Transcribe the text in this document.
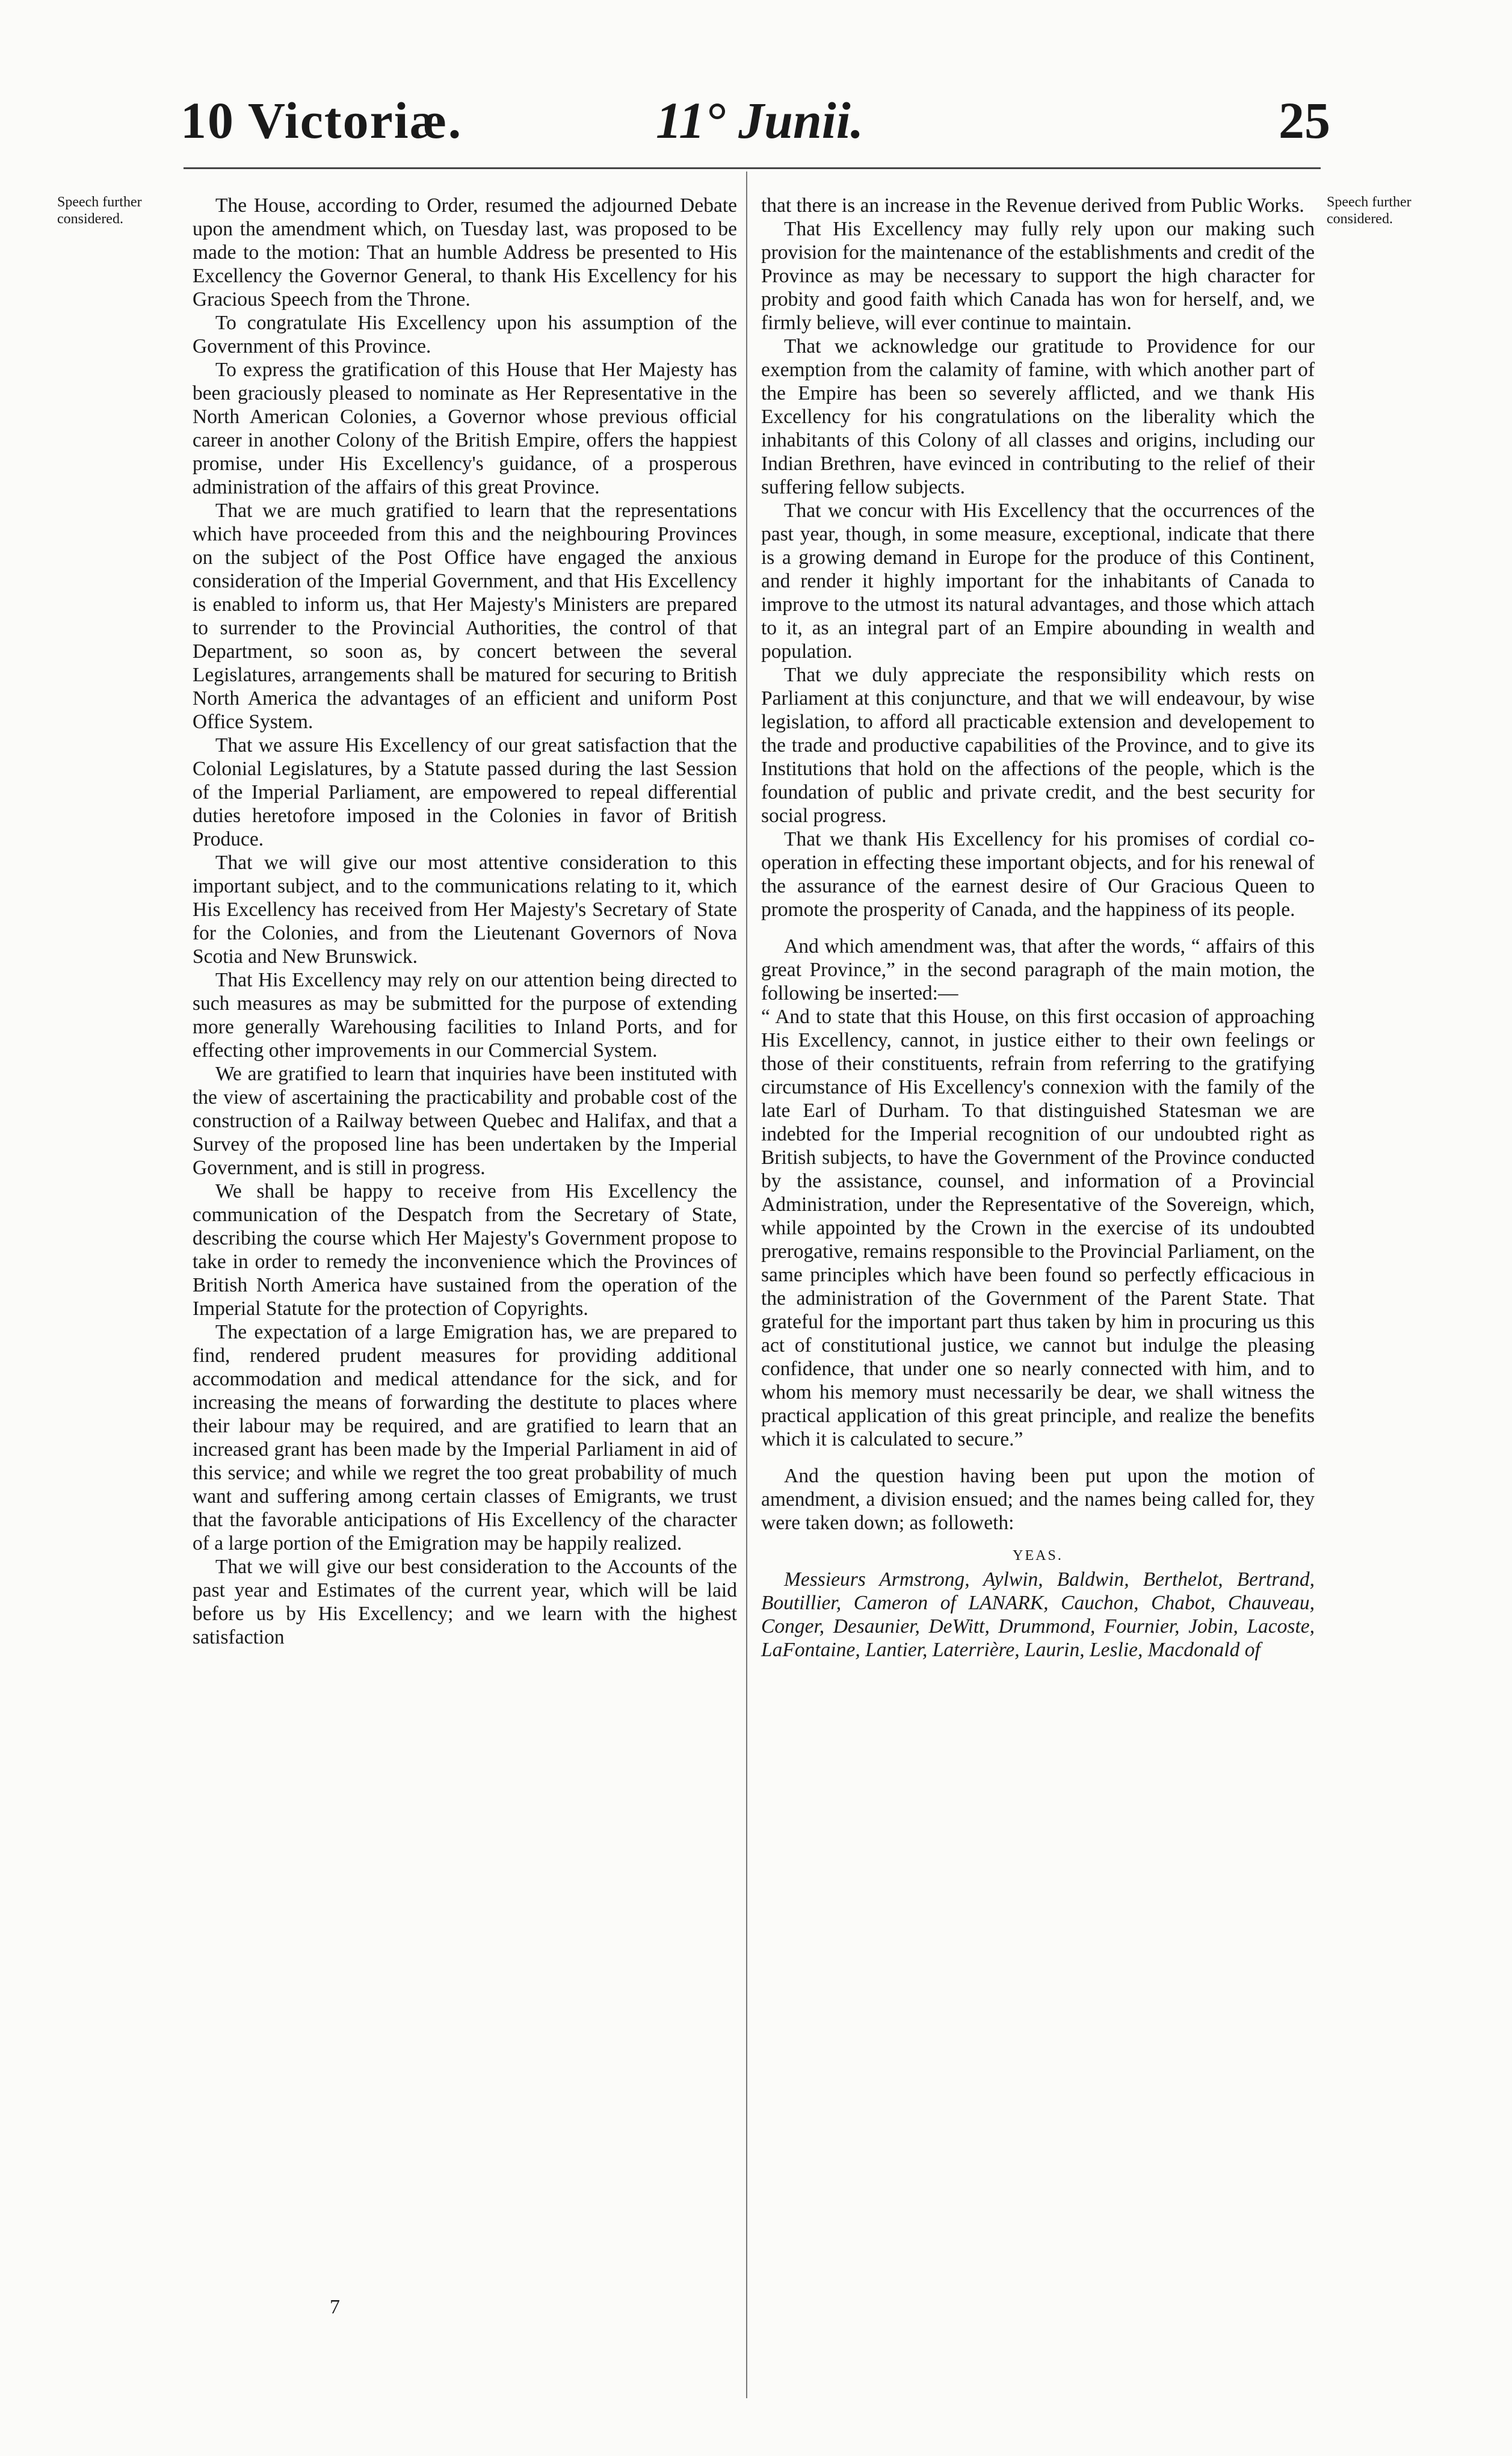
10 Victoriæ.	11° Junii.	25
Speech further considered.
Speech further considered.

The House, according to Order, resumed the adjourned Debate upon the amendment which, on Tuesday last, was proposed to be made to the motion: That an humble Address be presented to His Excellency the Governor General, to thank His Excellency for his Gracious Speech from the Throne.

To congratulate His Excellency upon his assumption of the Government of this Province.

To express the gratification of this House that Her Majesty has been graciously pleased to nominate as Her Representative in the North American Colonies, a Governor whose previous official career in another Colony of the British Empire, offers the happiest promise, under His Excellency's guidance, of a prosperous administration of the affairs of this great Province.

That we are much gratified to learn that the representations which have proceeded from this and the neighbouring Provinces on the subject of the Post Office have engaged the anxious consideration of the Imperial Government, and that His Excellency is enabled to inform us, that Her Majesty's Ministers are prepared to surrender to the Provincial Authorities, the control of that Department, so soon as, by concert between the several Legislatures, arrangements shall be matured for securing to British North America the advantages of an efficient and uniform Post Office System.

That we assure His Excellency of our great satisfaction that the Colonial Legislatures, by a Statute passed during the last Session of the Imperial Parliament, are empowered to repeal differential duties heretofore imposed in the Colonies in favor of British Produce.

That we will give our most attentive consideration to this important subject, and to the communications relating to it, which His Excellency has received from Her Majesty's Secretary of State for the Colonies, and from the Lieutenant Governors of Nova Scotia and New Brunswick.

That His Excellency may rely on our attention being directed to such measures as may be submitted for the purpose of extending more generally Warehousing facilities to Inland Ports, and for effecting other improvements in our Commercial System.

We are gratified to learn that inquiries have been instituted with the view of ascertaining the practicability and probable cost of the construction of a Railway between Quebec and Halifax, and that a Survey of the proposed line has been undertaken by the Imperial Government, and is still in progress.

We shall be happy to receive from His Excellency the communication of the Despatch from the Secretary of State, describing the course which Her Majesty's Government propose to take in order to remedy the inconvenience which the Provinces of British North America have sustained from the operation of the Imperial Statute for the protection of Copyrights.

The expectation of a large Emigration has, we are prepared to find, rendered prudent measures for providing additional accommodation and medical attendance for the sick, and for increasing the means of forwarding the destitute to places where their labour may be required, and are gratified to learn that an increased grant has been made by the Imperial Parliament in aid of this service; and while we regret the too great probability of much want and suffering among certain classes of Emigrants, we trust that the favorable anticipations of His Excellency of the character of a large portion of the Emigration may be happily realized.

That we will give our best consideration to the Accounts of the past year and Estimates of the current year, which will be laid before us by His Excellency; and we learn with the highest satisfaction

7

that there is an increase in the Revenue derived from Public Works.

That His Excellency may fully rely upon our making such provision for the maintenance of the establishments and credit of the Province as may be necessary to support the high character for probity and good faith which Canada has won for herself, and, we firmly believe, will ever continue to maintain.

That we acknowledge our gratitude to Providence for our exemption from the calamity of famine, with which another part of the Empire has been so severely afflicted, and we thank His Excellency for his congratulations on the liberality which the inhabitants of this Colony of all classes and origins, including our Indian Brethren, have evinced in contributing to the relief of their suffering fellow subjects.

That we concur with His Excellency that the occurrences of the past year, though, in some measure, exceptional, indicate that there is a growing demand in Europe for the produce of this Continent, and render it highly important for the inhabitants of Canada to improve to the utmost its natural advantages, and those which attach to it, as an integral part of an Empire abounding in wealth and population.

That we duly appreciate the responsibility which rests on Parliament at this conjuncture, and that we will endeavour, by wise legislation, to afford all practicable extension and developement to the trade and productive capabilities of the Province, and to give its Institutions that hold on the affections of the people, which is the foundation of public and private credit, and the best security for social progress.

That we thank His Excellency for his promises of cordial co-operation in effecting these important objects, and for his renewal of the assurance of the earnest desire of Our Gracious Queen to promote the prosperity of Canada, and the happiness of its people.

And which amendment was, that after the words, “ affairs of this great Province,” in the second paragraph of the main motion, the following be inserted:—

“ And to state that this House, on this first occasion of approaching His Excellency, cannot, in justice either to their own feelings or those of their constituents, refrain from referring to the gratifying circumstance of His Excellency's connexion with the family of the late Earl of Durham. To that distinguished Statesman we are indebted for the Imperial recognition of our undoubted right as British subjects, to have the Government of the Province conducted by the assistance, counsel, and information of a Provincial Administration, under the Representative of the Sovereign, which, while appointed by the Crown in the exercise of its undoubted prerogative, remains responsible to the Provincial Parliament, on the same principles which have been found so perfectly efficacious in the administration of the Government of the Parent State. That grateful for the important part thus taken by him in procuring us this act of constitutional justice, we cannot but indulge the pleasing confidence, that under one so nearly connected with him, and to whom his memory must necessarily be dear, we shall witness the practical application of this great principle, and realize the benefits which it is calculated to secure.”

And the question having been put upon the motion of amendment, a division ensued; and the names being called for, they were taken down; as followeth:

YEAS.

Messieurs Armstrong, Aylwin, Baldwin, Berthelot, Bertrand, Boutillier, Cameron of LANARK, Cauchon, Chabot, Chauveau, Conger, Desaunier, DeWitt, Drummond, Fournier, Jobin, Lacoste, LaFontaine, Lantier, Laterrière, Laurin, Leslie, Macdonald of
